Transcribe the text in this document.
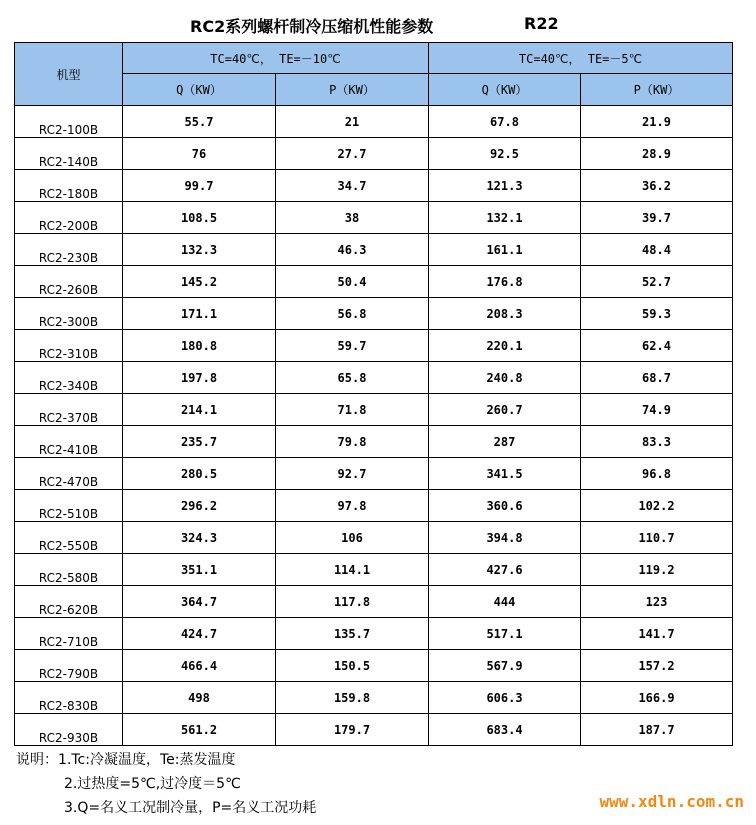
RC2系列螺杆制冷压缩机性能参数	R22
机型	TC=40℃， TE=－10℃		TC=40℃， TE=－5℃	
	Q（KW）	P（KW）	Q（KW）	P（KW）
RC2-100B	55.7	21	67.8	21.9
RC2-140B	76	27.7	92.5	28.9
RC2-180B	99.7	34.7	121.3	36.2
RC2-200B	108.5	38	132.1	39.7
RC2-230B	132.3	46.3	161.1	48.4
RC2-260B	145.2	50.4	176.8	52.7
RC2-300B	171.1	56.8	208.3	59.3
RC2-310B	180.8	59.7	220.1	62.4
RC2-340B	197.8	65.8	240.8	68.7
RC2-370B	214.1	71.8	260.7	74.9
RC2-410B	235.7	79.8	287	83.3
RC2-470B	280.5	92.7	341.5	96.8
RC2-510B	296.2	97.8	360.6	102.2
RC2-550B	324.3	106	394.8	110.7
RC2-580B	351.1	114.1	427.6	119.2
RC2-620B	364.7	117.8	444	123
RC2-710B	424.7	135.7	517.1	141.7
RC2-790B	466.4	150.5	567.9	157.2
RC2-830B	498	159.8	606.3	166.9
RC2-930B	561.2	179.7	683.4	187.7
说明：1.Tc:冷凝温度，Te:蒸发温度
2.过热度=5℃,过冷度＝5℃
3.Q=名义工况制冷量，P=名义工况功耗	www.xdln.com.cn
